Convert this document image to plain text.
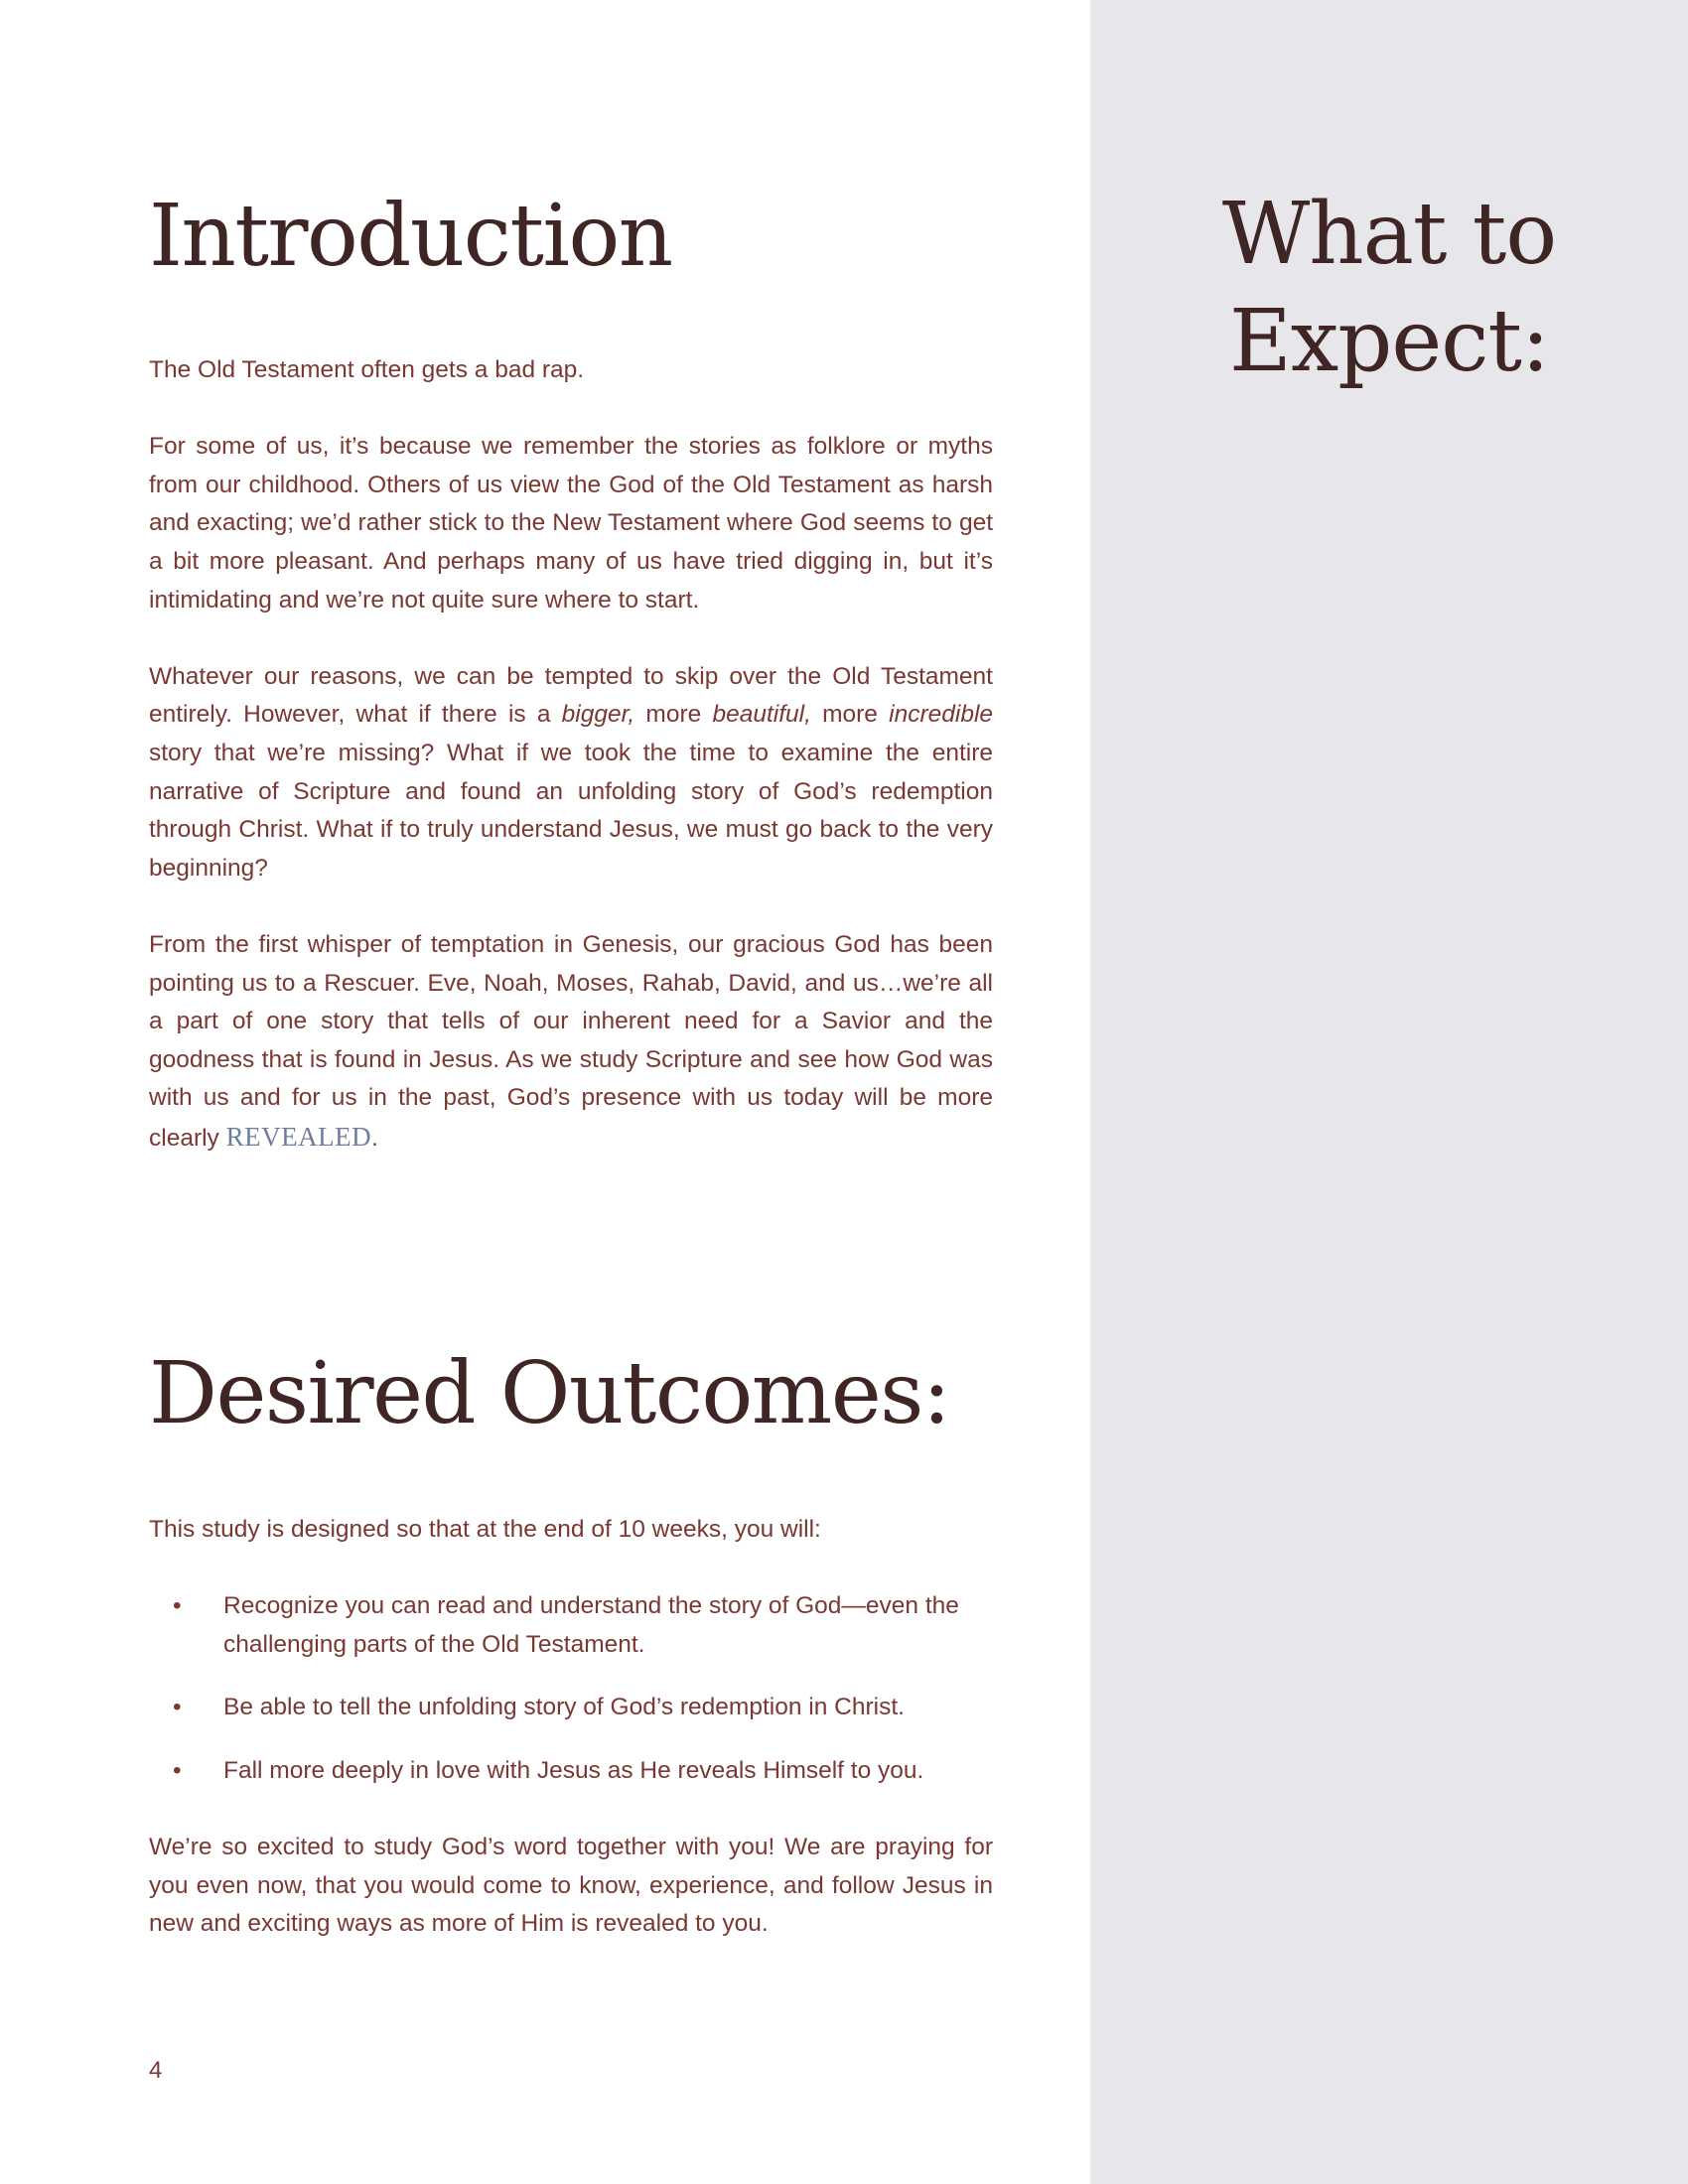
What to
Expect:
Introduction

The Old Testament often gets a bad rap.

For some of us, it’s because we remember the stories as folklore or myths from our childhood. Others of us view the God of the Old Testament as harsh and exacting; we’d rather stick to the New Testament where God seems to get a bit more pleasant. And perhaps many of us have tried digging in, but it’s intimidating and we’re not quite sure where to start.

Whatever our reasons, we can be tempted to skip over the Old Testament entirely. However, what if there is a bigger, more beautiful, more incredible story that we’re missing? What if we took the time to examine the entire narrative of Scripture and found an unfolding story of God’s redemption through Christ. What if to truly understand Jesus, we must go back to the very beginning?

From the first whisper of temptation in Genesis, our gracious God has been pointing us to a Rescuer. Eve, Noah, Moses, Rahab, David, and us…we’re all a part of one story that tells of our inherent need for a Savior and the goodness that is found in Jesus. As we study Scripture and see how God was with us and for us in the past, God’s presence with us today will be more clearly REVEALED.

Desired Outcomes:

This study is designed so that at the end of 10 weeks, you will:

• Recognize you can read and understand the story of God—even the challenging parts of the Old Testament.
• Be able to tell the unfolding story of God’s redemption in Christ.
• Fall more deeply in love with Jesus as He reveals Himself to you.

We’re so excited to study God’s word together with you! We are praying for you even now, that you would come to know, experience, and follow Jesus in new and exciting ways as more of Him is revealed to you.

4
